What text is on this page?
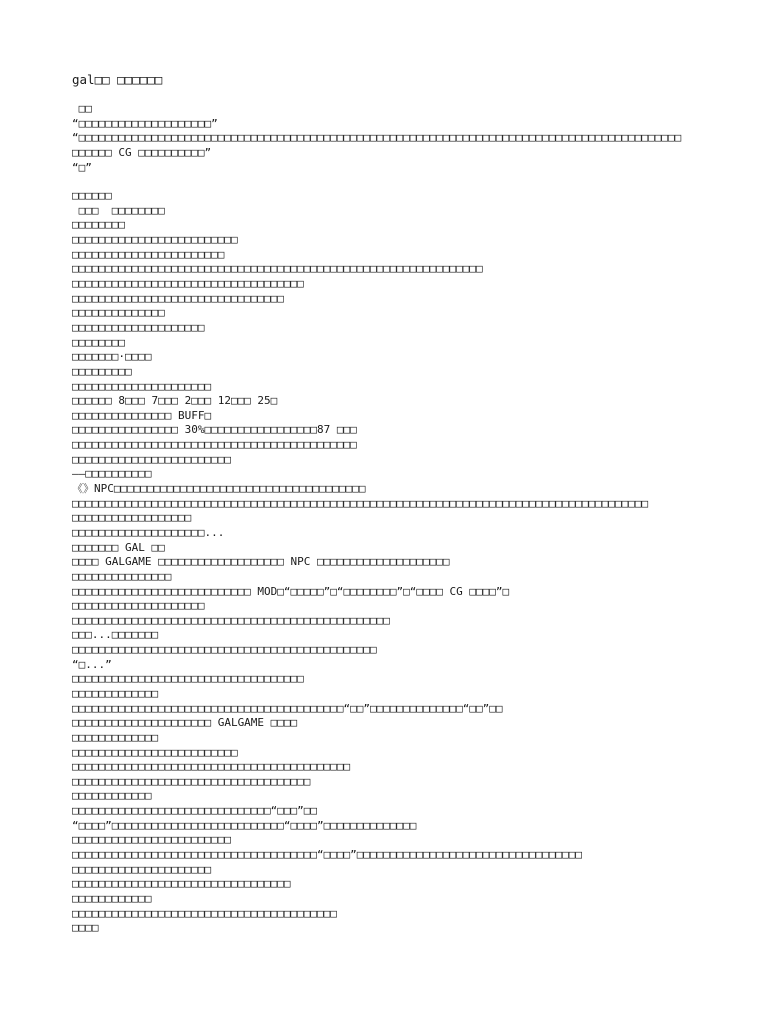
gal□□ □□□□□□
□□
“□□□□□□□□□□□□□□□□□□□□”
“□□□□□□□□□□□□□□□□□□□□□□□□□□□□□□□□□□□□□□□□□□□□□□□□□□□□□□□□□□□□□□□□□□□□□□□□□□□□□□□□□□□□□□□□□□□
□□□□□□ CG □□□□□□□□□□”
“□”
□□□□□□
□□□  □□□□□□□□
□□□□□□□□
□□□□□□□□□□□□□□□□□□□□□□□□□
□□□□□□□□□□□□□□□□□□□□□□□
□□□□□□□□□□□□□□□□□□□□□□□□□□□□□□□□□□□□□□□□□□□□□□□□□□□□□□□□□□□□□□
□□□□□□□□□□□□□□□□□□□□□□□□□□□□□□□□□□□
□□□□□□□□□□□□□□□□□□□□□□□□□□□□□□□□
□□□□□□□□□□□□□□
□□□□□□□□□□□□□□□□□□□□
□□□□□□□□
□□□□□□□·□□□□
□□□□□□□□□
□□□□□□□□□□□□□□□□□□□□□
□□□□□□ 8□□□ 7□□□ 2□□□ 12□□□ 25□
□□□□□□□□□□□□□□□ BUFF□
□□□□□□□□□□□□□□□□ 30%□□□□□□□□□□□□□□□□□87 □□□
□□□□□□□□□□□□□□□□□□□□□□□□□□□□□□□□□□□□□□□□□□□
□□□□□□□□□□□□□□□□□□□□□□□□
——□□□□□□□□□□
《》NPC□□□□□□□□□□□□□□□□□□□□□□□□□□□□□□□□□□□□□□
□□□□□□□□□□□□□□□□□□□□□□□□□□□□□□□□□□□□□□□□□□□□□□□□□□□□□□□□□□□□□□□□□□□□□□□□□□□□□□□□□□□□□□□
□□□□□□□□□□□□□□□□□□
□□□□□□□□□□□□□□□□□□□□...
□□□□□□□ GAL □□
□□□□ GALGAME □□□□□□□□□□□□□□□□□□□ NPC □□□□□□□□□□□□□□□□□□□□
□□□□□□□□□□□□□□□
□□□□□□□□□□□□□□□□□□□□□□□□□□□ MOD□“□□□□□”□“□□□□□□□□”□“□□□□ CG □□□□”□
□□□□□□□□□□□□□□□□□□□□
□□□□□□□□□□□□□□□□□□□□□□□□□□□□□□□□□□□□□□□□□□□□□□□□
□□□...□□□□□□□
□□□□□□□□□□□□□□□□□□□□□□□□□□□□□□□□□□□□□□□□□□□□□□
“□...”
□□□□□□□□□□□□□□□□□□□□□□□□□□□□□□□□□□□
□□□□□□□□□□□□□
□□□□□□□□□□□□□□□□□□□□□□□□□□□□□□□□□□□□□□□□□“□□”□□□□□□□□□□□□□□“□□”□□
□□□□□□□□□□□□□□□□□□□□□ GALGAME □□□□
□□□□□□□□□□□□□
□□□□□□□□□□□□□□□□□□□□□□□□□
□□□□□□□□□□□□□□□□□□□□□□□□□□□□□□□□□□□□□□□□□□
□□□□□□□□□□□□□□□□□□□□□□□□□□□□□□□□□□□□
□□□□□□□□□□□□
□□□□□□□□□□□□□□□□□□□□□□□□□□□□□□“□□□”□□
“□□□□”□□□□□□□□□□□□□□□□□□□□□□□□□□“□□□□”□□□□□□□□□□□□□□
□□□□□□□□□□□□□□□□□□□□□□□□
□□□□□□□□□□□□□□□□□□□□□□□□□□□□□□□□□□□□□“□□□□”□□□□□□□□□□□□□□□□□□□□□□□□□□□□□□□□□□
□□□□□□□□□□□□□□□□□□□□□
□□□□□□□□□□□□□□□□□□□□□□□□□□□□□□□□□
□□□□□□□□□□□□
□□□□□□□□□□□□□□□□□□□□□□□□□□□□□□□□□□□□□□□□
□□□□
